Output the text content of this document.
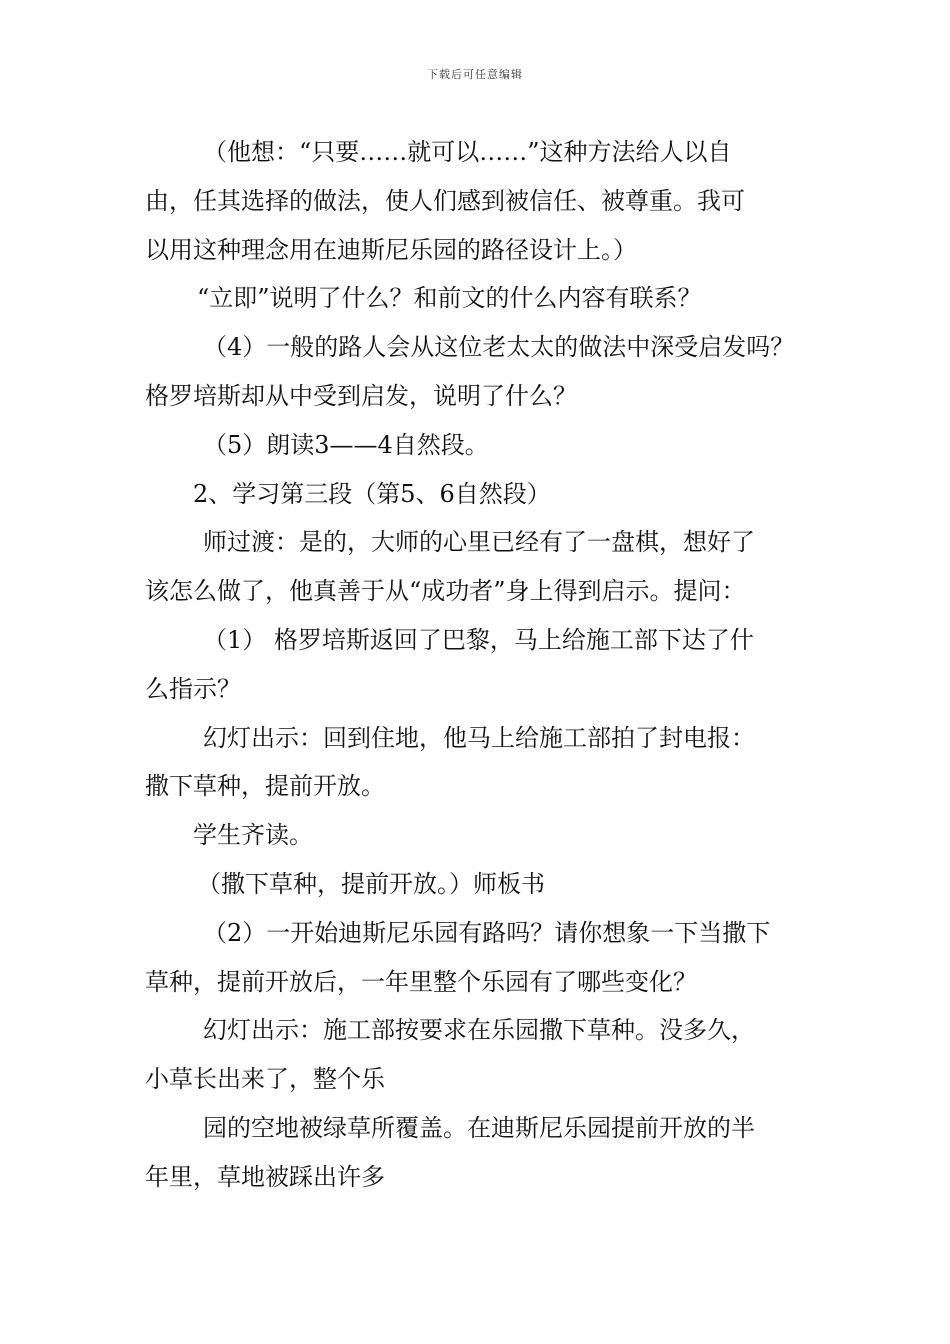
下载后可任意编辑
（他想：“只要……就可以……”这种方法给人以自
由，任其选择的做法，使人们感到被信任、被尊重。我可
以用这种理念用在迪斯尼乐园的路径设计上。）
“立即”说明了什么？和前文的什么内容有联系？
（4）一般的路人会从这位老太太的做法中深受启发吗？
格罗培斯却从中受到启发，说明了什么？
（5）朗读3——4自然段。
2、学习第三段（第5、6自然段）
师过渡：是的，大师的心里已经有了一盘棋，想好了
该怎么做了，他真善于从“成功者”身上得到启示。提问：
（1） 格罗培斯返回了巴黎，马上给施工部下达了什
么指示？
幻灯出示：回到住地，他马上给施工部拍了封电报：
撒下草种，提前开放。
学生齐读。
（撒下草种，提前开放。）师板书
（2）一开始迪斯尼乐园有路吗？请你想象一下当撒下
草种，提前开放后，一年里整个乐园有了哪些变化？
幻灯出示：施工部按要求在乐园撒下草种。没多久，
小草长出来了，整个乐
园的空地被绿草所覆盖。在迪斯尼乐园提前开放的半
年里，草地被踩出许多
